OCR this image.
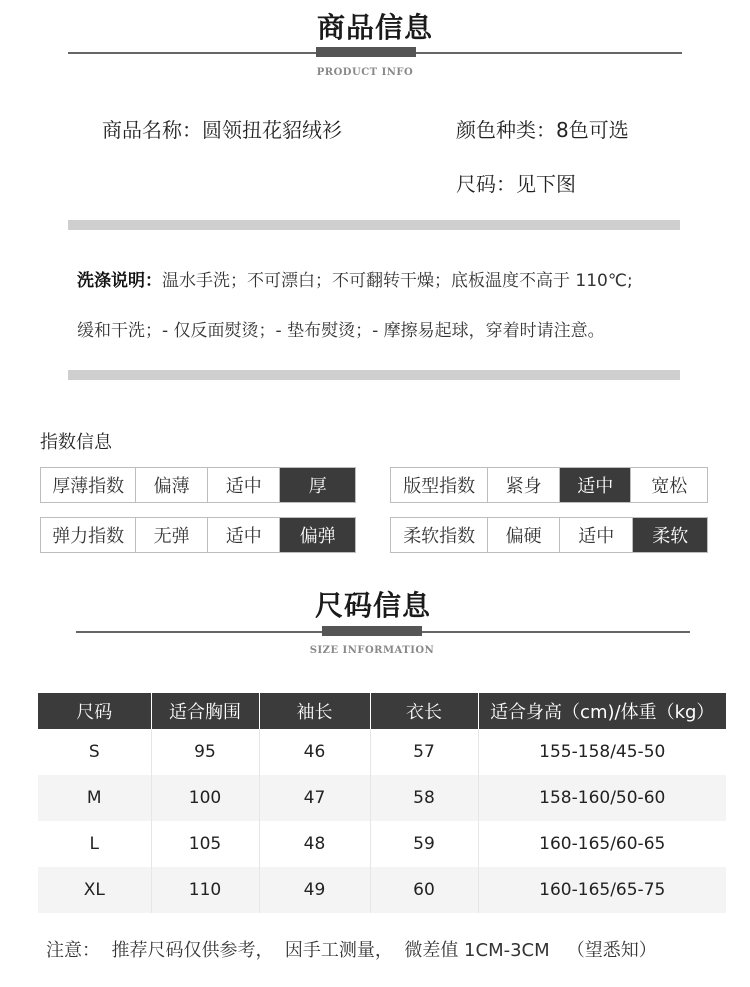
商品信息
PRODUCT INFO
商品名称：圆领扭花貂绒衫	颜色种类：8色可选
尺码：见下图
洗涤说明：温水手洗；不可漂白；不可翻转干燥；底板温度不高于 110℃;
缓和干洗；- 仅反面熨烫；- 垫布熨烫；- 摩擦易起球，穿着时请注意。
指数信息
厚薄指数	偏薄	适中	厚	版型指数	紧身	适中	宽松
弹力指数	无弹	适中	偏弹	柔软指数	偏硬	适中	柔软
尺码信息
SIZE INFORMATION
尺码	适合胸围	袖长	衣长	适合身高（cm)/体重（kg）
S	95	46	57	155-158/45-50
M	100	47	58	158-160/50-60
L	105	48	59	160-165/60-65
XL	110	49	60	160-165/65-75
注意：  推荐尺码仅供参考，  因手工测量，  微差值 1CM-3CM   （望悉知）
